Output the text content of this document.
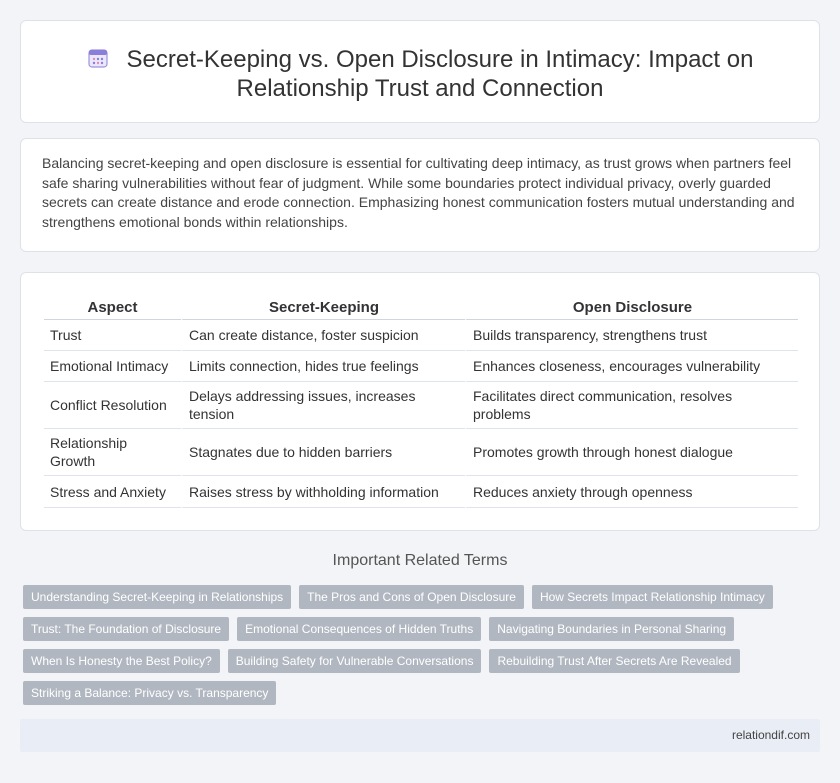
Secret-Keeping vs. Open Disclosure in Intimacy: Impact on Relationship Trust and Connection

Balancing secret-keeping and open disclosure is essential for cultivating deep intimacy, as trust grows when partners feel safe sharing vulnerabilities without fear of judgment. While some boundaries protect individual privacy, overly guarded secrets can create distance and erode connection. Emphasizing honest communication fosters mutual understanding and strengthens emotional bonds within relationships.

Aspect	Secret-Keeping	Open Disclosure
Trust	Can create distance, foster suspicion	Builds transparency, strengthens trust
Emotional Intimacy	Limits connection, hides true feelings	Enhances closeness, encourages vulnerability
Conflict Resolution	Delays addressing issues, increases tension	Facilitates direct communication, resolves problems
Relationship Growth	Stagnates due to hidden barriers	Promotes growth through honest dialogue
Stress and Anxiety	Raises stress by withholding information	Reduces anxiety through openness
Important Related Terms
Understanding Secret-Keeping in Relationships	The Pros and Cons of Open Disclosure	How Secrets Impact Relationship Intimacy
Trust: The Foundation of Disclosure	Emotional Consequences of Hidden Truths	Navigating Boundaries in Personal Sharing
When Is Honesty the Best Policy?	Building Safety for Vulnerable Conversations	Rebuilding Trust After Secrets Are Revealed
Striking a Balance: Privacy vs. Transparency
relationdif.com
